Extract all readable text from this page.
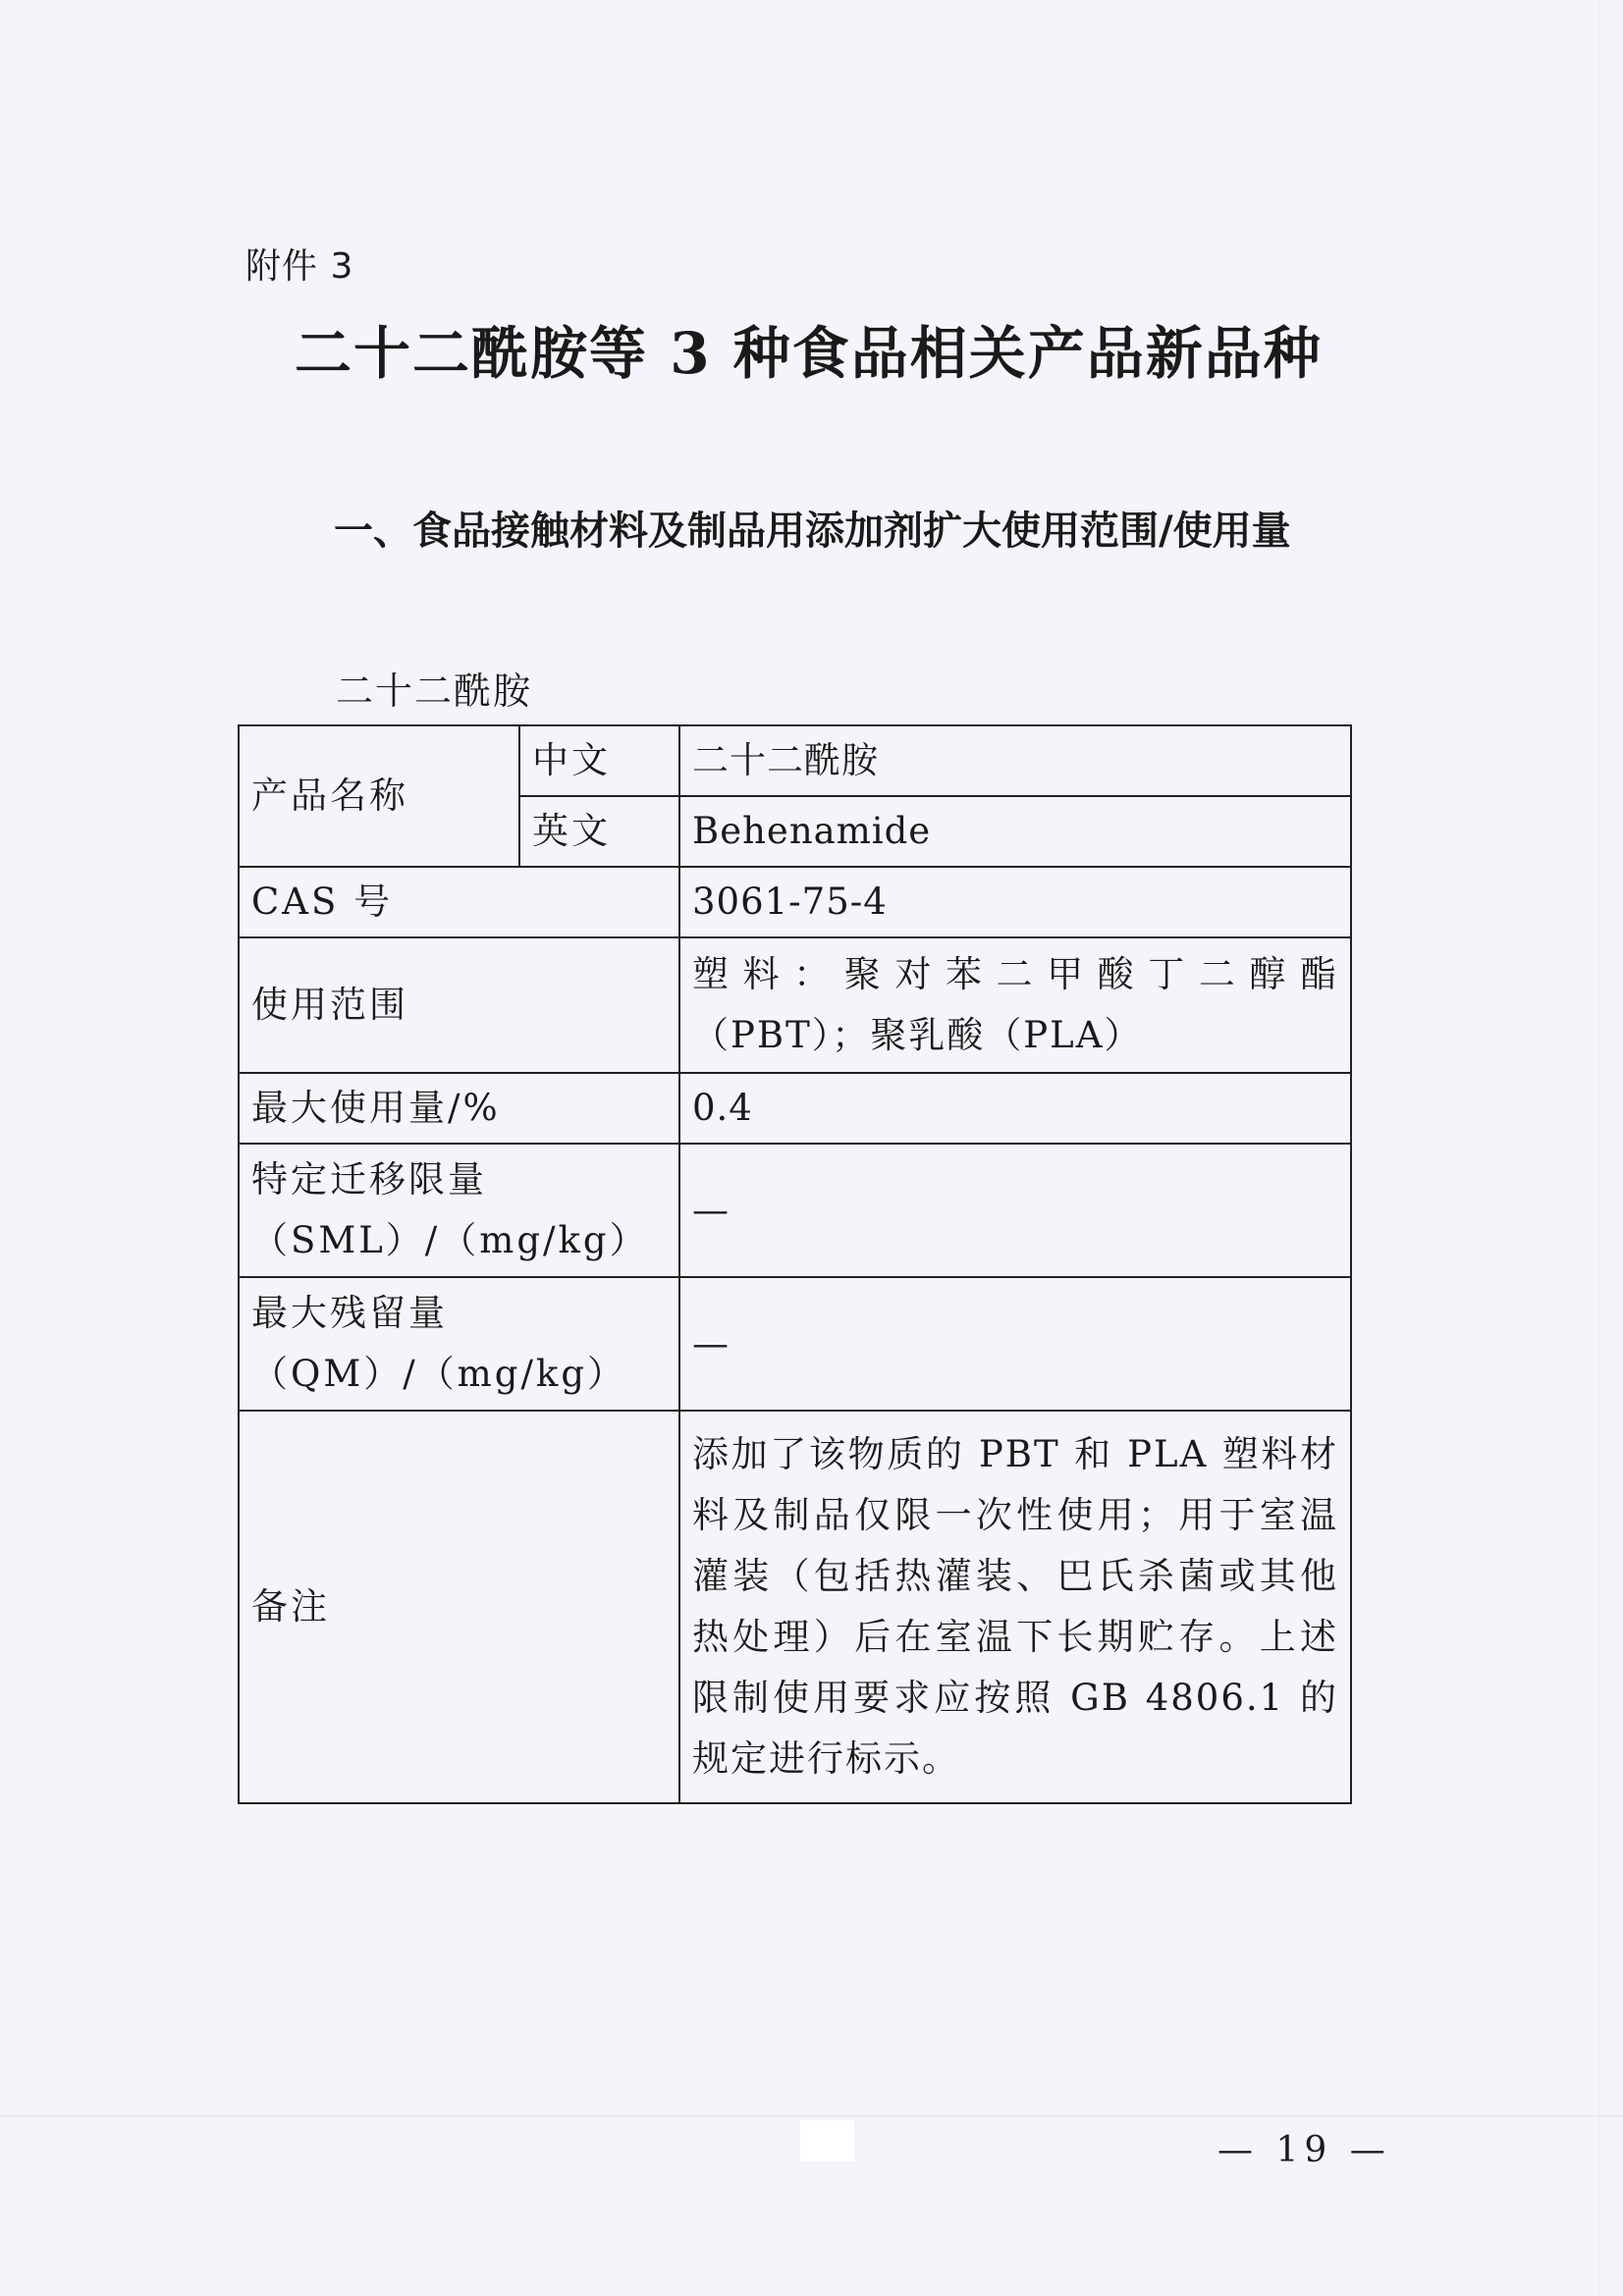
附件 3
二十二酰胺等 3 种食品相关产品新品种
一、食品接触材料及制品用添加剂扩大使用范围/使用量
二十二酰胺
产品名称	中文	二十二酰胺
	英文	Behenamide
CAS 号		3061-75-4
使用范围		塑料：聚对苯二甲酸丁二醇酯（PBT）；聚乳酸（PLA）
最大使用量/%		0.4

特定迁移限量
（SML）/（mg/kg）		—

最大残留量
（QM）/（mg/kg）		—
备注		添加了该物质的 PBT 和 PLA 塑料材料及制品仅限一次性使用；用于室温灌装（包括热灌装、巴氏杀菌或其他热处理）后在室温下长期贮存。上述限制使用要求应按照 GB 4806.1 的规定进行标示。
— 19 —
